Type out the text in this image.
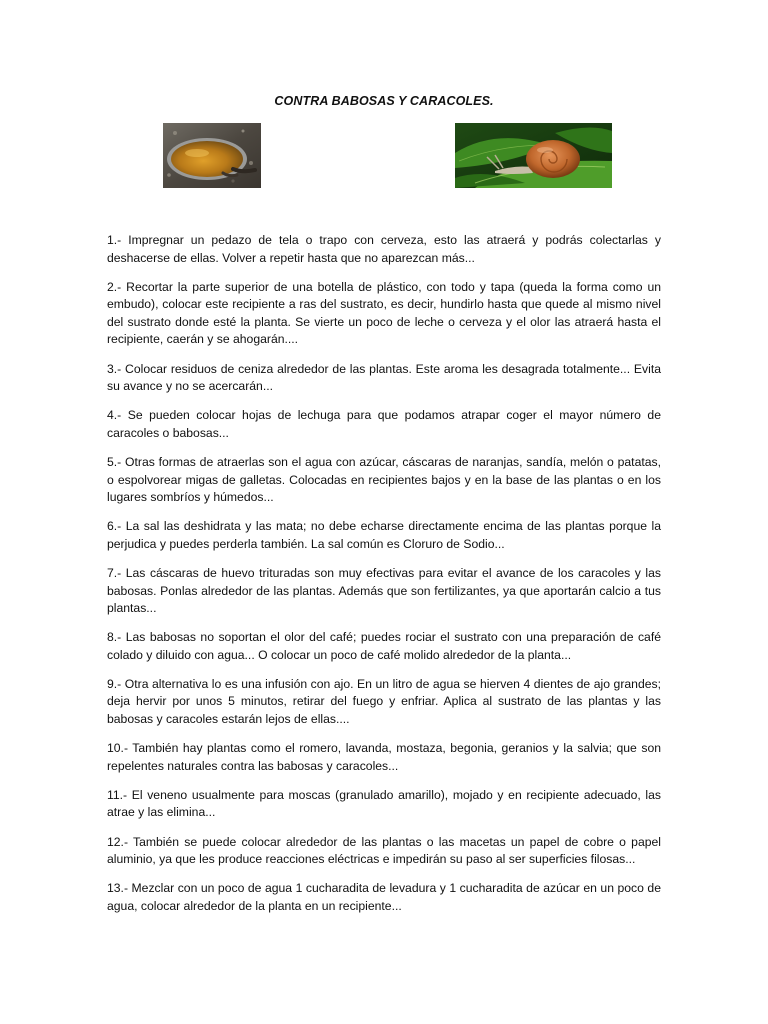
CONTRA BABOSAS Y CARACOLES.

1.- Impregnar un pedazo de tela o trapo con cerveza, esto las atraerá y podrás colectarlas y deshacerse de ellas. Volver a repetir hasta que no aparezcan más...

2.- Recortar la parte superior de una botella de plástico, con todo y tapa (queda la forma como un embudo), colocar este recipiente a ras del sustrato, es decir, hundirlo hasta que quede al mismo nivel del sustrato donde esté la planta. Se vierte un poco de leche o cerveza y el olor las atraerá hasta el recipiente, caerán y se ahogarán....

3.- Colocar residuos de ceniza alrededor de las plantas. Este aroma les desagrada totalmente... Evita su avance y no se acercarán...

4.- Se pueden colocar hojas de lechuga para que podamos atrapar coger el mayor número de caracoles o babosas...

5.- Otras formas de atraerlas son el agua con azúcar, cáscaras de naranjas, sandía, melón o patatas, o espolvorear migas de galletas. Colocadas en recipientes bajos y en la base de las plantas o en los lugares sombríos y húmedos...

6.- La sal las deshidrata y las mata; no debe echarse directamente encima de las plantas porque la perjudica y puedes perderla también. La sal común es Cloruro de Sodio...

7.- Las cáscaras de huevo trituradas son muy efectivas para evitar el avance de los caracoles y las babosas. Ponlas alrededor de las plantas. Además que son fertilizantes, ya que aportarán calcio a tus plantas...

8.- Las babosas no soportan el olor del café; puedes rociar el sustrato con una preparación de café colado y diluido con agua... O colocar un poco de café molido alrededor de la planta...

9.- Otra alternativa lo es una infusión con ajo. En un litro de agua se hierven 4 dientes de ajo grandes; deja hervir por unos 5 minutos, retirar del fuego y enfriar. Aplica al sustrato de las plantas y las babosas y caracoles estarán lejos de ellas....

10.- También hay plantas como el romero, lavanda, mostaza, begonia, geranios y la salvia; que son repelentes naturales contra las babosas y caracoles...

11.- El veneno usualmente para moscas (granulado amarillo), mojado y en recipiente adecuado, las atrae y las elimina...

12.- También se puede colocar alrededor de las plantas o las macetas un papel de cobre o papel aluminio, ya que les produce reacciones eléctricas e impedirán su paso al ser superficies filosas...

13.- Mezclar con un poco de agua 1 cucharadita de levadura y 1 cucharadita de azúcar en un poco de agua, colocar alrededor de la planta en un recipiente...
